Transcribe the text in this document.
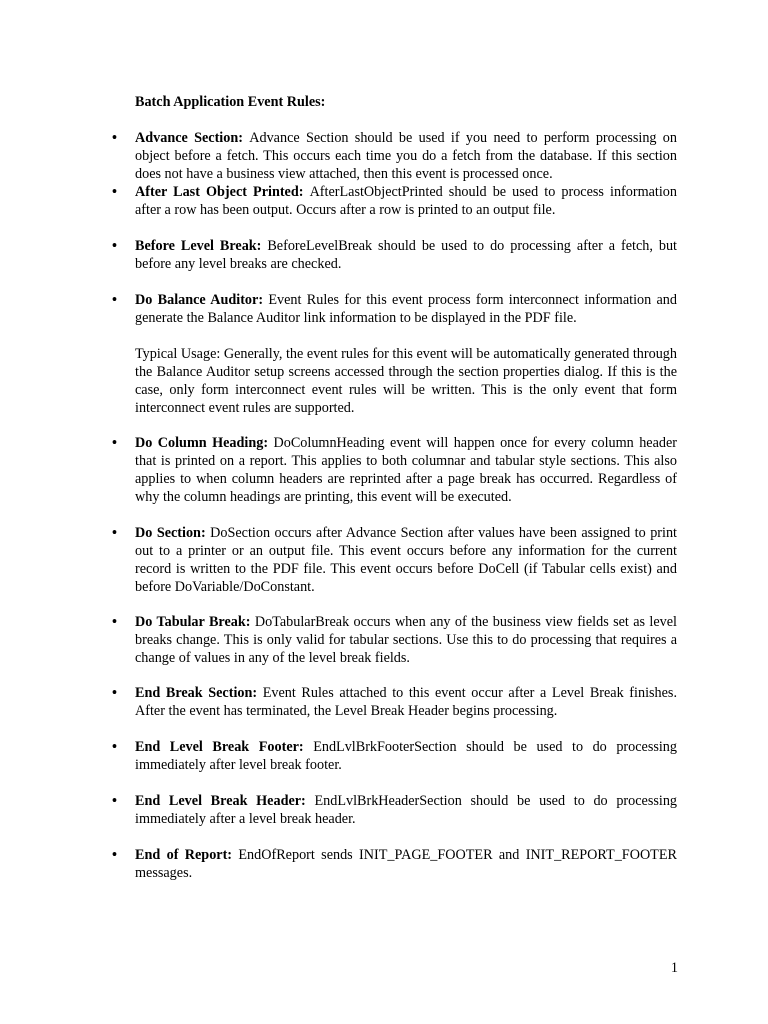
Batch Application Event Rules:

• Advance Section: Advance Section should be used if you need to perform processing on object before a fetch. This occurs each time you do a fetch from the database. If this section does not have a business view attached, then this event is processed once.

• After Last Object Printed: AfterLastObjectPrinted should be used to process information after a row has been output. Occurs after a row is printed to an output file.

• Before Level Break: BeforeLevelBreak should be used to do processing after a fetch, but before any level breaks are checked.

• Do Balance Auditor: Event Rules for this event process form interconnect information and generate the Balance Auditor link information to be displayed in the PDF file.

Typical Usage: Generally, the event rules for this event will be automatically generated through the Balance Auditor setup screens accessed through the section properties dialog. If this is the case, only form interconnect event rules will be written. This is the only event that form interconnect event rules are supported.

• Do Column Heading: DoColumnHeading event will happen once for every column header that is printed on a report. This applies to both columnar and tabular style sections. This also applies to when column headers are reprinted after a page break has occurred. Regardless of why the column headings are printing, this event will be executed.

• Do Section: DoSection occurs after Advance Section after values have been assigned to print out to a printer or an output file. This event occurs before any information for the current record is written to the PDF file. This event occurs before DoCell (if Tabular cells exist) and before DoVariable/DoConstant.

• Do Tabular Break: DoTabularBreak occurs when any of the business view fields set as level breaks change. This is only valid for tabular sections. Use this to do processing that requires a change of values in any of the level break fields.

• End Break Section: Event Rules attached to this event occur after a Level Break finishes. After the event has terminated, the Level Break Header begins processing.

• End Level Break Footer: EndLvlBrkFooterSection should be used to do processing immediately after level break footer.

• End Level Break Header: EndLvlBrkHeaderSection should be used to do processing immediately after a level break header.

• End of Report: EndOfReport sends INIT_PAGE_FOOTER and INIT_REPORT_FOOTER messages.

1
